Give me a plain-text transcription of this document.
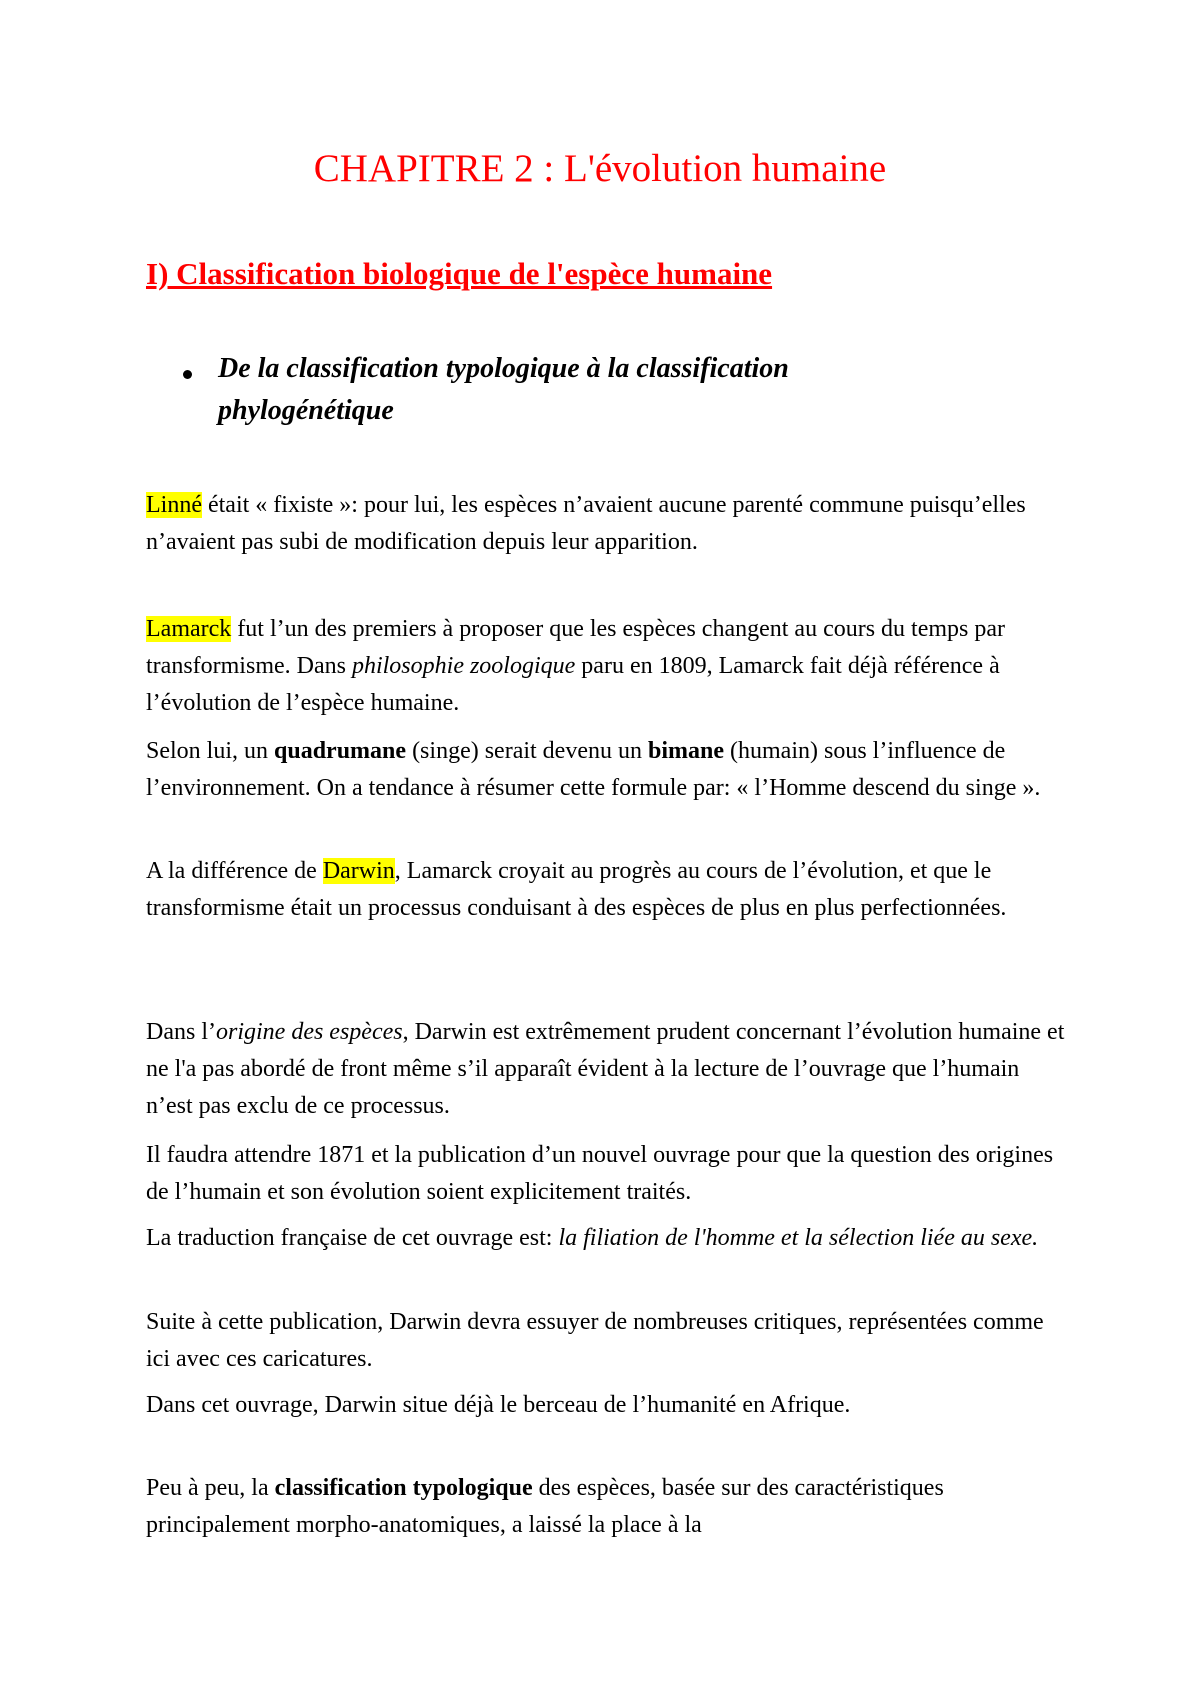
CHAPITRE 2 : L'évolution humaine
I) Classification biologique de l'espèce humaine

De la classification typologique à la classification phylogénétique

Linné était « fixiste »: pour lui, les espèces n’avaient aucune parenté commune puisqu’elles n’avaient pas subi de modification depuis leur apparition.

Lamarck fut l’un des premiers à proposer que les espèces changent au cours du temps par transformisme. Dans philosophie zoologique paru en 1809, Lamarck fait déjà référence à l’évolution de l’espèce humaine.

Selon lui, un quadrumane (singe) serait devenu un bimane (humain) sous l’influence de l’environnement. On a tendance à résumer cette formule par: « l’Homme descend du singe ».

A la différence de Darwin, Lamarck croyait au progrès au cours de l’évolution, et que le transformisme était un processus conduisant à des espèces de plus en plus perfectionnées.

Dans l’origine des espèces, Darwin est extrêmement prudent concernant l’évolution humaine et ne l'a pas abordé de front même s’il apparaît évident à la lecture de l’ouvrage que l’humain n’est pas exclu de ce processus.

Il faudra attendre 1871 et la publication d’un nouvel ouvrage pour que la question des origines de l’humain et son évolution soient explicitement traités.

La traduction française de cet ouvrage est: la filiation de l'homme et la sélection liée au sexe.

Suite à cette publication, Darwin devra essuyer de nombreuses critiques, représentées comme ici avec ces caricatures.

Dans cet ouvrage, Darwin situe déjà le berceau de l’humanité en Afrique.

Peu à peu, la classification typologique des espèces, basée sur des caractéristiques principalement morpho-anatomiques, a laissé la place à la
